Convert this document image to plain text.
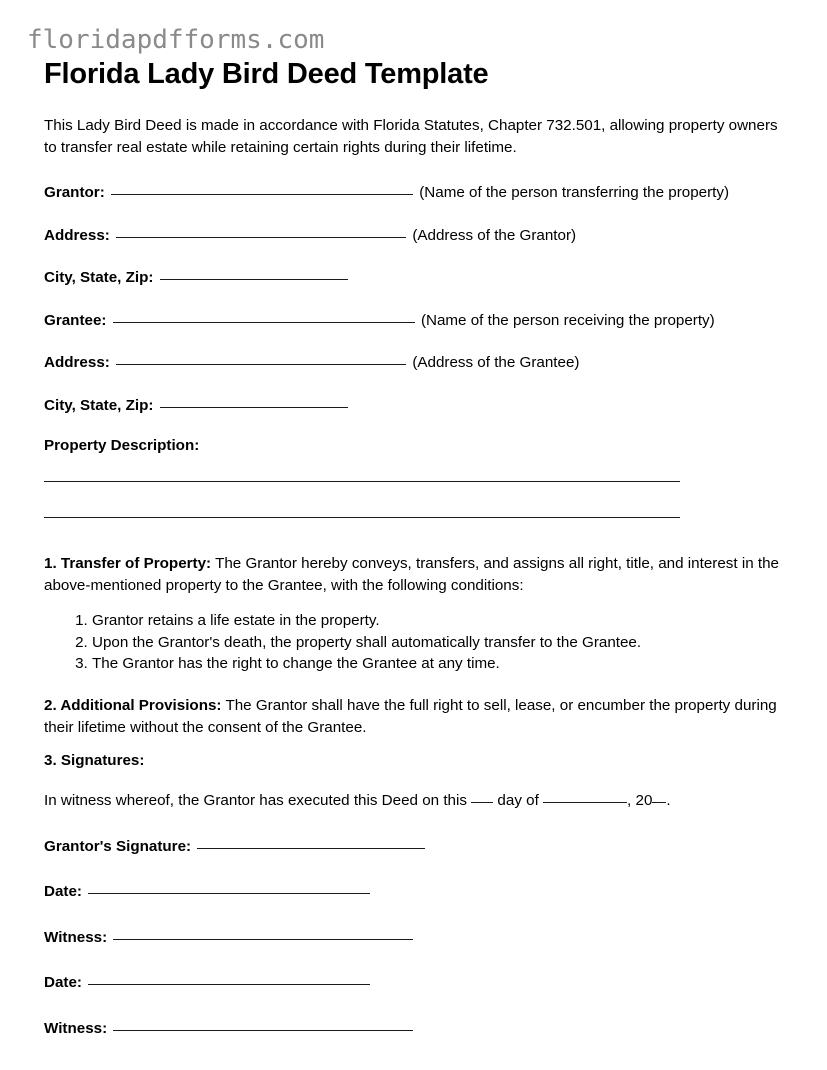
floridapdfforms.com
Florida Lady Bird Deed Template

This Lady Bird Deed is made in accordance with Florida Statutes, Chapter 732.501, allowing property owners to transfer real estate while retaining certain rights during their lifetime.

Grantor:	(Name of the person transferring the property)
Address:	(Address of the Grantor)
City, State, Zip:
Grantee:	(Name of the person receiving the property)
Address:	(Address of the Grantee)
City, State, Zip:
Property Description:

1. Transfer of Property: The Grantor hereby conveys, transfers, and assigns all right, title, and interest in the above-mentioned property to the Grantee, with the following conditions:

1. Grantor retains a life estate in the property.
2. Upon the Grantor's death, the property shall automatically transfer to the Grantee.
3. The Grantor has the right to change the Grantee at any time.

2. Additional Provisions: The Grantor shall have the full right to sell, lease, or encumber the property during their lifetime without the consent of the Grantee.

3. Signatures:

In witness whereof, the Grantor has executed this Deed on this day of	, 20 .

Grantor's Signature:
Date:
Witness:
Date:
Witness:
